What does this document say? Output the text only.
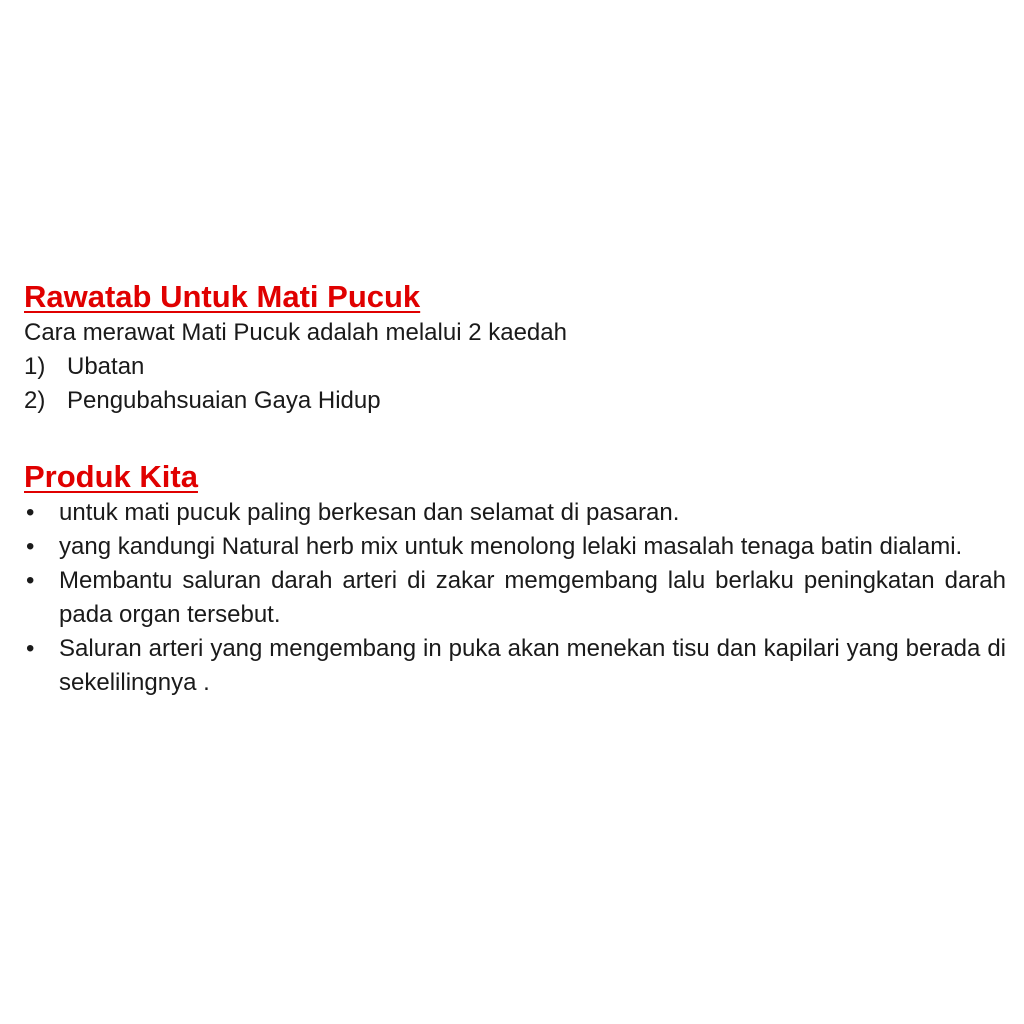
Rawatab Untuk Mati Pucuk

Cara merawat Mati Pucuk adalah melalui 2 kaedah

1) Ubatan
2) Pengubahsuaian Gaya Hidup
Produk Kita
•	untuk mati pucuk paling berkesan dan selamat di pasaran.
•	yang kandungi Natural herb mix untuk menolong lelaki masalah tenaga batin dialami.
•	Membantu saluran darah arteri di zakar memgembang lalu berlaku peningkatan darah pada organ tersebut.
•	Saluran arteri yang mengembang in puka akan menekan tisu dan kapilari yang berada di sekelilingnya .
